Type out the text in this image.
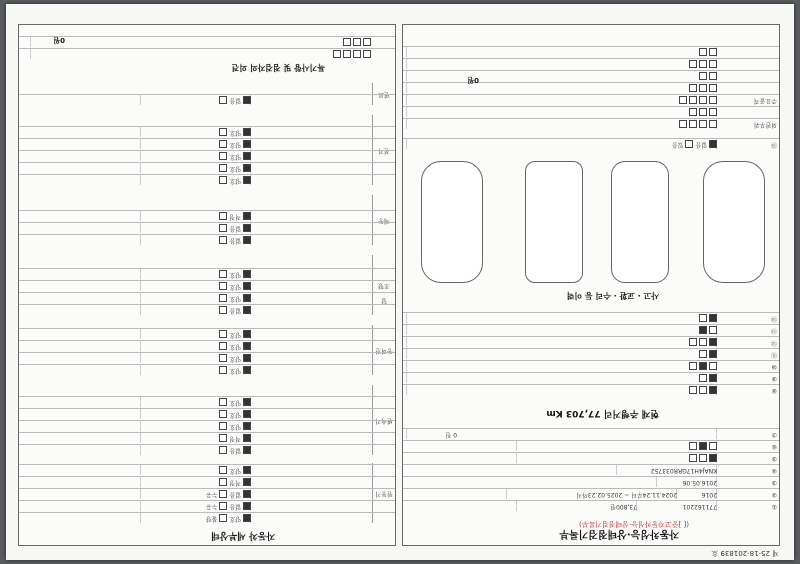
제 25-18-201839 호
자동차성능·상태점검기록부
([ ]중고자동차성능·상태점검기록부)
①
771162201
73,800원
②
2016
2024.11.24부터 ~ 2025.02.23까지
③
2016.05.06
④
KNAJ4H17GRR033752
⑤
⑥
⑦
0 원
현재 주행거리 77,703 Km
⑧
⑨
⑩
⑪
⑫
⑬
⑭
사고 · 교환 · 수리 등 이력
⑮
없음 있음
외판부위
주요골격
0원
자동차 세부상태
원동기
양호 불량
없음 누유
없음 누유
적정
양호
변속기
없음
적정
양호
양호
양호
동력전달
양호
양호
양호
양호
조향
없음
양호
양호
양호
제동
없음
없음
적정
전기
양호
양호
양호
양호
양호
연료
없음
특기사항 및 점검자의 의견
0원
